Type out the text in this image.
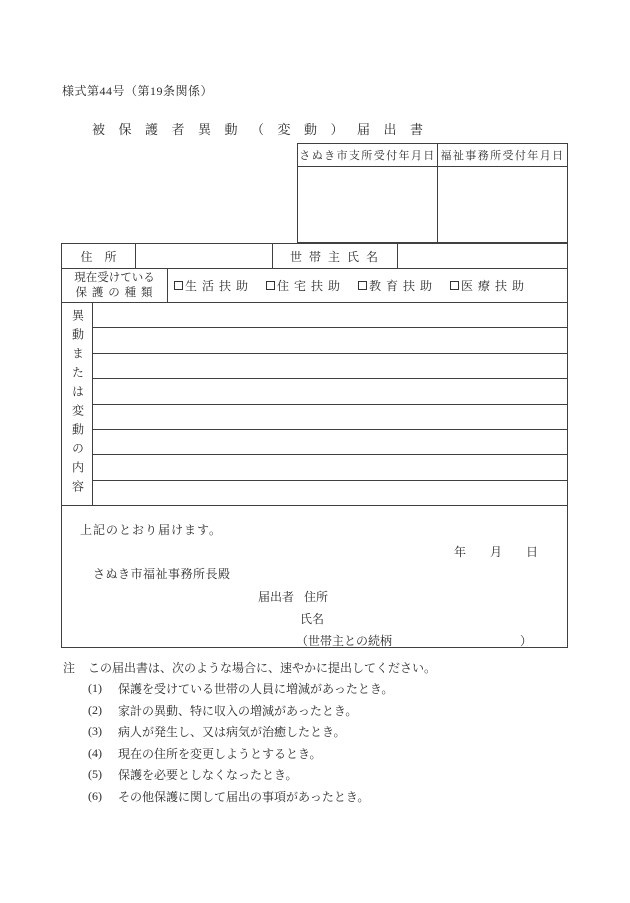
様式第44号（第19条関係）
被保護者異動（変動）届出書
さぬき市支所受付年月日 福祉事務所受付年月日
住　所	世 帯 主 氏 名
現在受けている
保 護 の 種 類	生 活 扶 助 住 宅 扶 助 教 育 扶 助 医 療 扶 助
異動または変動の内容
上記のとおり届けます。
年　　月　　日
さぬき市福祉事務所長殿
届出者 住所
氏名
（世帯主との続柄	）
注	この届出書は、次のような場合に、速やかに提出してください。
(1)	保護を受けている世帯の人員に増減があったとき。
(2)	家計の異動、特に収入の増減があったとき。
(3)	病人が発生し、又は病気が治癒したとき。
(4)	現在の住所を変更しようとするとき。
(5)	保護を必要としなくなったとき。
(6)	その他保護に関して届出の事項があったとき。
